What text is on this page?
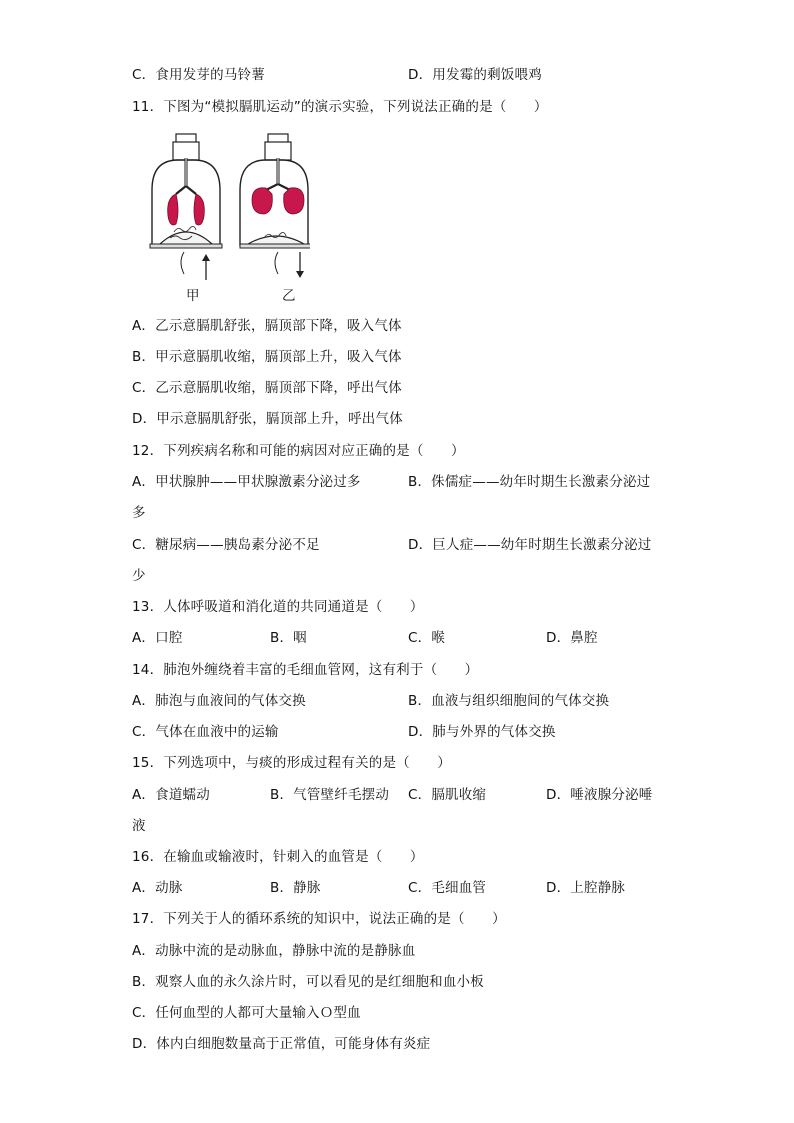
C．食用发芽的马铃薯	D．用发霉的剩饭喂鸡
11．下图为“模拟膈肌运动”的演示实验，下列说法正确的是（　　）
甲	乙
A．乙示意膈肌舒张，膈顶部下降，吸入气体
B．甲示意膈肌收缩，膈顶部上升，吸入气体
C．乙示意膈肌收缩，膈顶部下降，呼出气体
D．甲示意膈肌舒张，膈顶部上升，呼出气体
12．下列疾病名称和可能的病因对应正确的是（　　）
A．甲状腺肿——甲状腺激素分泌过多	B．侏儒症——幼年时期生长激素分泌过
多
C．糖尿病——胰岛素分泌不足	D．巨人症——幼年时期生长激素分泌过
少
13．人体呼吸道和消化道的共同通道是（　　）
A．口腔	B．咽	C．喉	D．鼻腔
14．肺泡外缠绕着丰富的毛细血管网，这有利于（　　）
A．肺泡与血液间的气体交换	B．血液与组织细胞间的气体交换
C．气体在血液中的运输	D．肺与外界的气体交换
15．下列选项中，与痰的形成过程有关的是（　　）
A．食道蠕动	B．气管壁纤毛摆动 C．膈肌收缩	D．唾液腺分泌唾
液
16．在输血或输液时，针刺入的血管是（　　）
A．动脉	B．静脉	C．毛细血管	D．上腔静脉
17．下列关于人的循环系统的知识中，说法正确的是（　　）
A．动脉中流的是动脉血，静脉中流的是静脉血
B．观察人血的永久涂片时，可以看见的是红细胞和血小板
C．任何血型的人都可大量输入Ｏ型血
D．体内白细胞数量高于正常值，可能身体有炎症
